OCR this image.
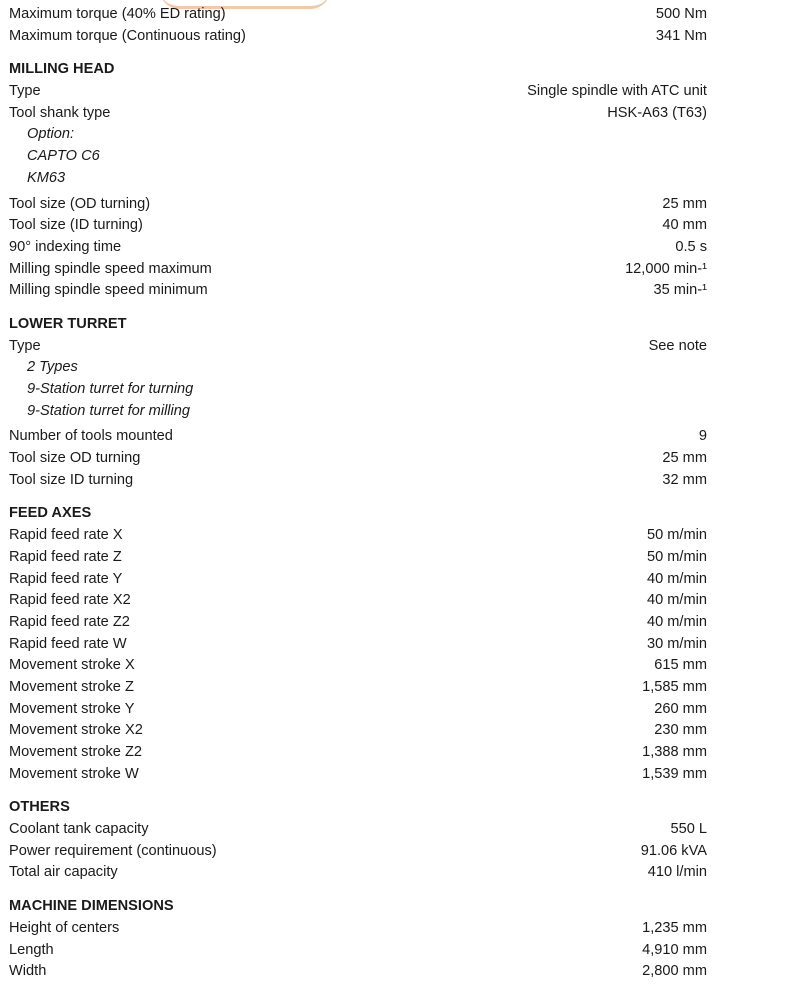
Maximum torque (40% ED rating)	500 Nm
Maximum torque (Continuous rating)	341 Nm
MILLING HEAD
Type	Single spindle with ATC unit
Tool shank type	HSK-A63 (T63)
Option:
CAPTO C6
KM63
Tool size (OD turning)	25 mm
Tool size (ID turning)	40 mm
90° indexing time	0.5 s
Milling spindle speed maximum	12,000 min-¹
Milling spindle speed minimum	35 min-¹
LOWER TURRET
Type	See note
2 Types
9-Station turret for turning
9-Station turret for milling
Number of tools mounted	9
Tool size OD turning	25 mm
Tool size ID turning	32 mm
FEED AXES
Rapid feed rate X	50 m/min
Rapid feed rate Z	50 m/min
Rapid feed rate Y	40 m/min
Rapid feed rate X2	40 m/min
Rapid feed rate Z2	40 m/min
Rapid feed rate W	30 m/min
Movement stroke X	615 mm
Movement stroke Z	1,585 mm
Movement stroke Y	260 mm
Movement stroke X2	230 mm
Movement stroke Z2	1,388 mm
Movement stroke W	1,539 mm
OTHERS
Coolant tank capacity	550 L
Power requirement (continuous)	91.06 kVA
Total air capacity	410 l/min
MACHINE DIMENSIONS
Height of centers	1,235 mm
Length	4,910 mm
Width	2,800 mm
